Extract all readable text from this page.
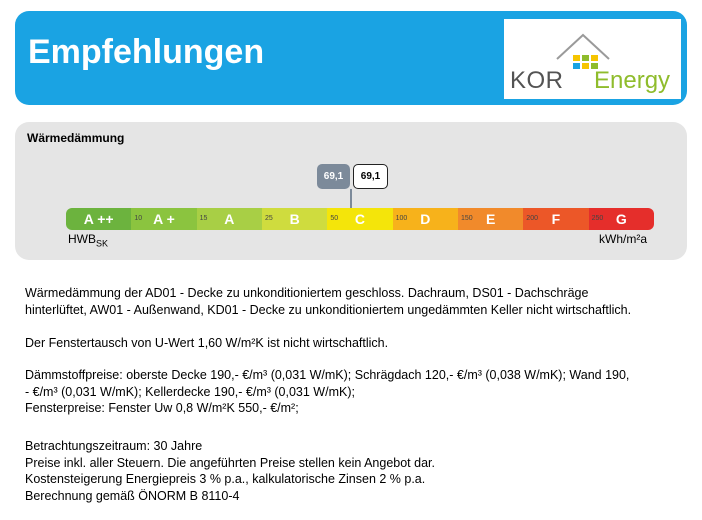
Empfehlungen
KOR Energy
Wärmedämmung
69,1	69,1
A ++	10 A +	15	A	25	B	50	C	100 D	150 E	200 F	250 G
$HWB_{SK}$	kWh/m²a
Wärmedämmung der AD01 - Decke zu unkonditioniertem geschloss. Dachraum, DS01 - Dachschräge
hinterlüftet, AW01 - Außenwand, KD01 - Decke zu unkonditioniertem ungedämmten Keller nicht wirtschaftlich.
Der Fenstertausch von U-Wert 1,60 W/m²K ist nicht wirtschaftlich.
Dämmstoffpreise: oberste Decke 190,- €/m³ (0,031 W/mK); Schrägdach 120,- €/m³ (0,038 W/mK); Wand 190,
- €/m³ (0,031 W/mK); Kellerdecke 190,- €/m³ (0,031 W/mK);
Fensterpreise: Fenster Uw 0,8 W/m²K 550,- €/m²;
Betrachtungszeitraum: 30 Jahre
Preise inkl. aller Steuern. Die angeführten Preise stellen kein Angebot dar.
Kostensteigerung Energiepreis 3 % p.a., kalkulatorische Zinsen 2 % p.a.
Berechnung gemäß ÖNORM B 8110-4
